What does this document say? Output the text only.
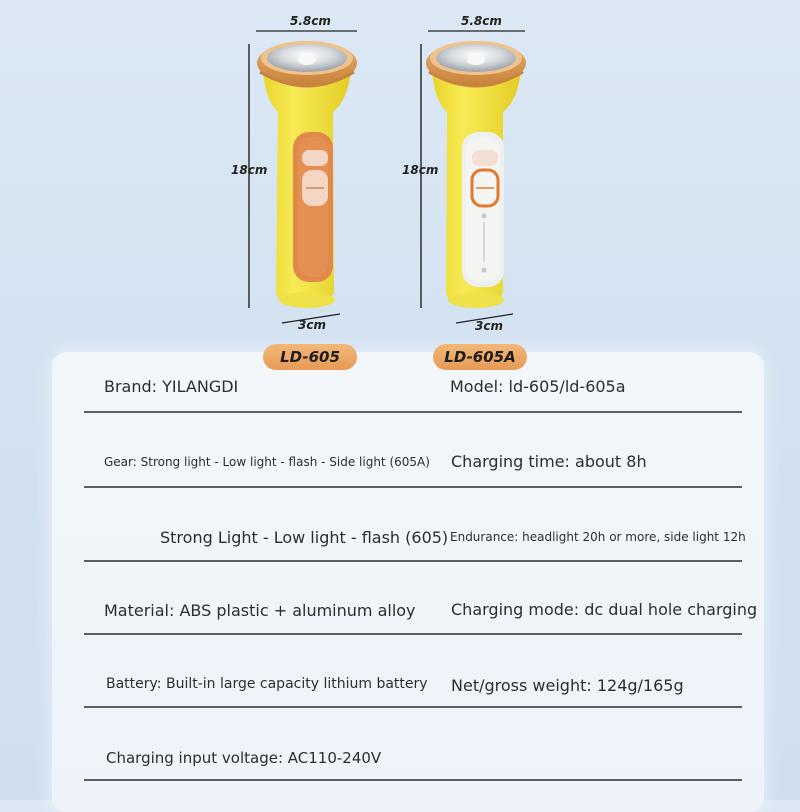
5.8cm
18cm
3cm
5.8cm
18cm
3cm
LD-605	LD-605A
Brand: YILANGDI	Model: ld-605/ld-605a
Gear: Strong light - Low light - flash - Side light (605A) Charging time: about 8h
Strong Light - Low light - flash (605) Endurance: headlight 20h or more, side light 12h
Material: ABS plastic + aluminum alloy Charging mode: dc dual hole charging
Battery: Built-in large capacity lithium battery Net/gross weight: 124g/165g
Charging input voltage: AC110-240V
